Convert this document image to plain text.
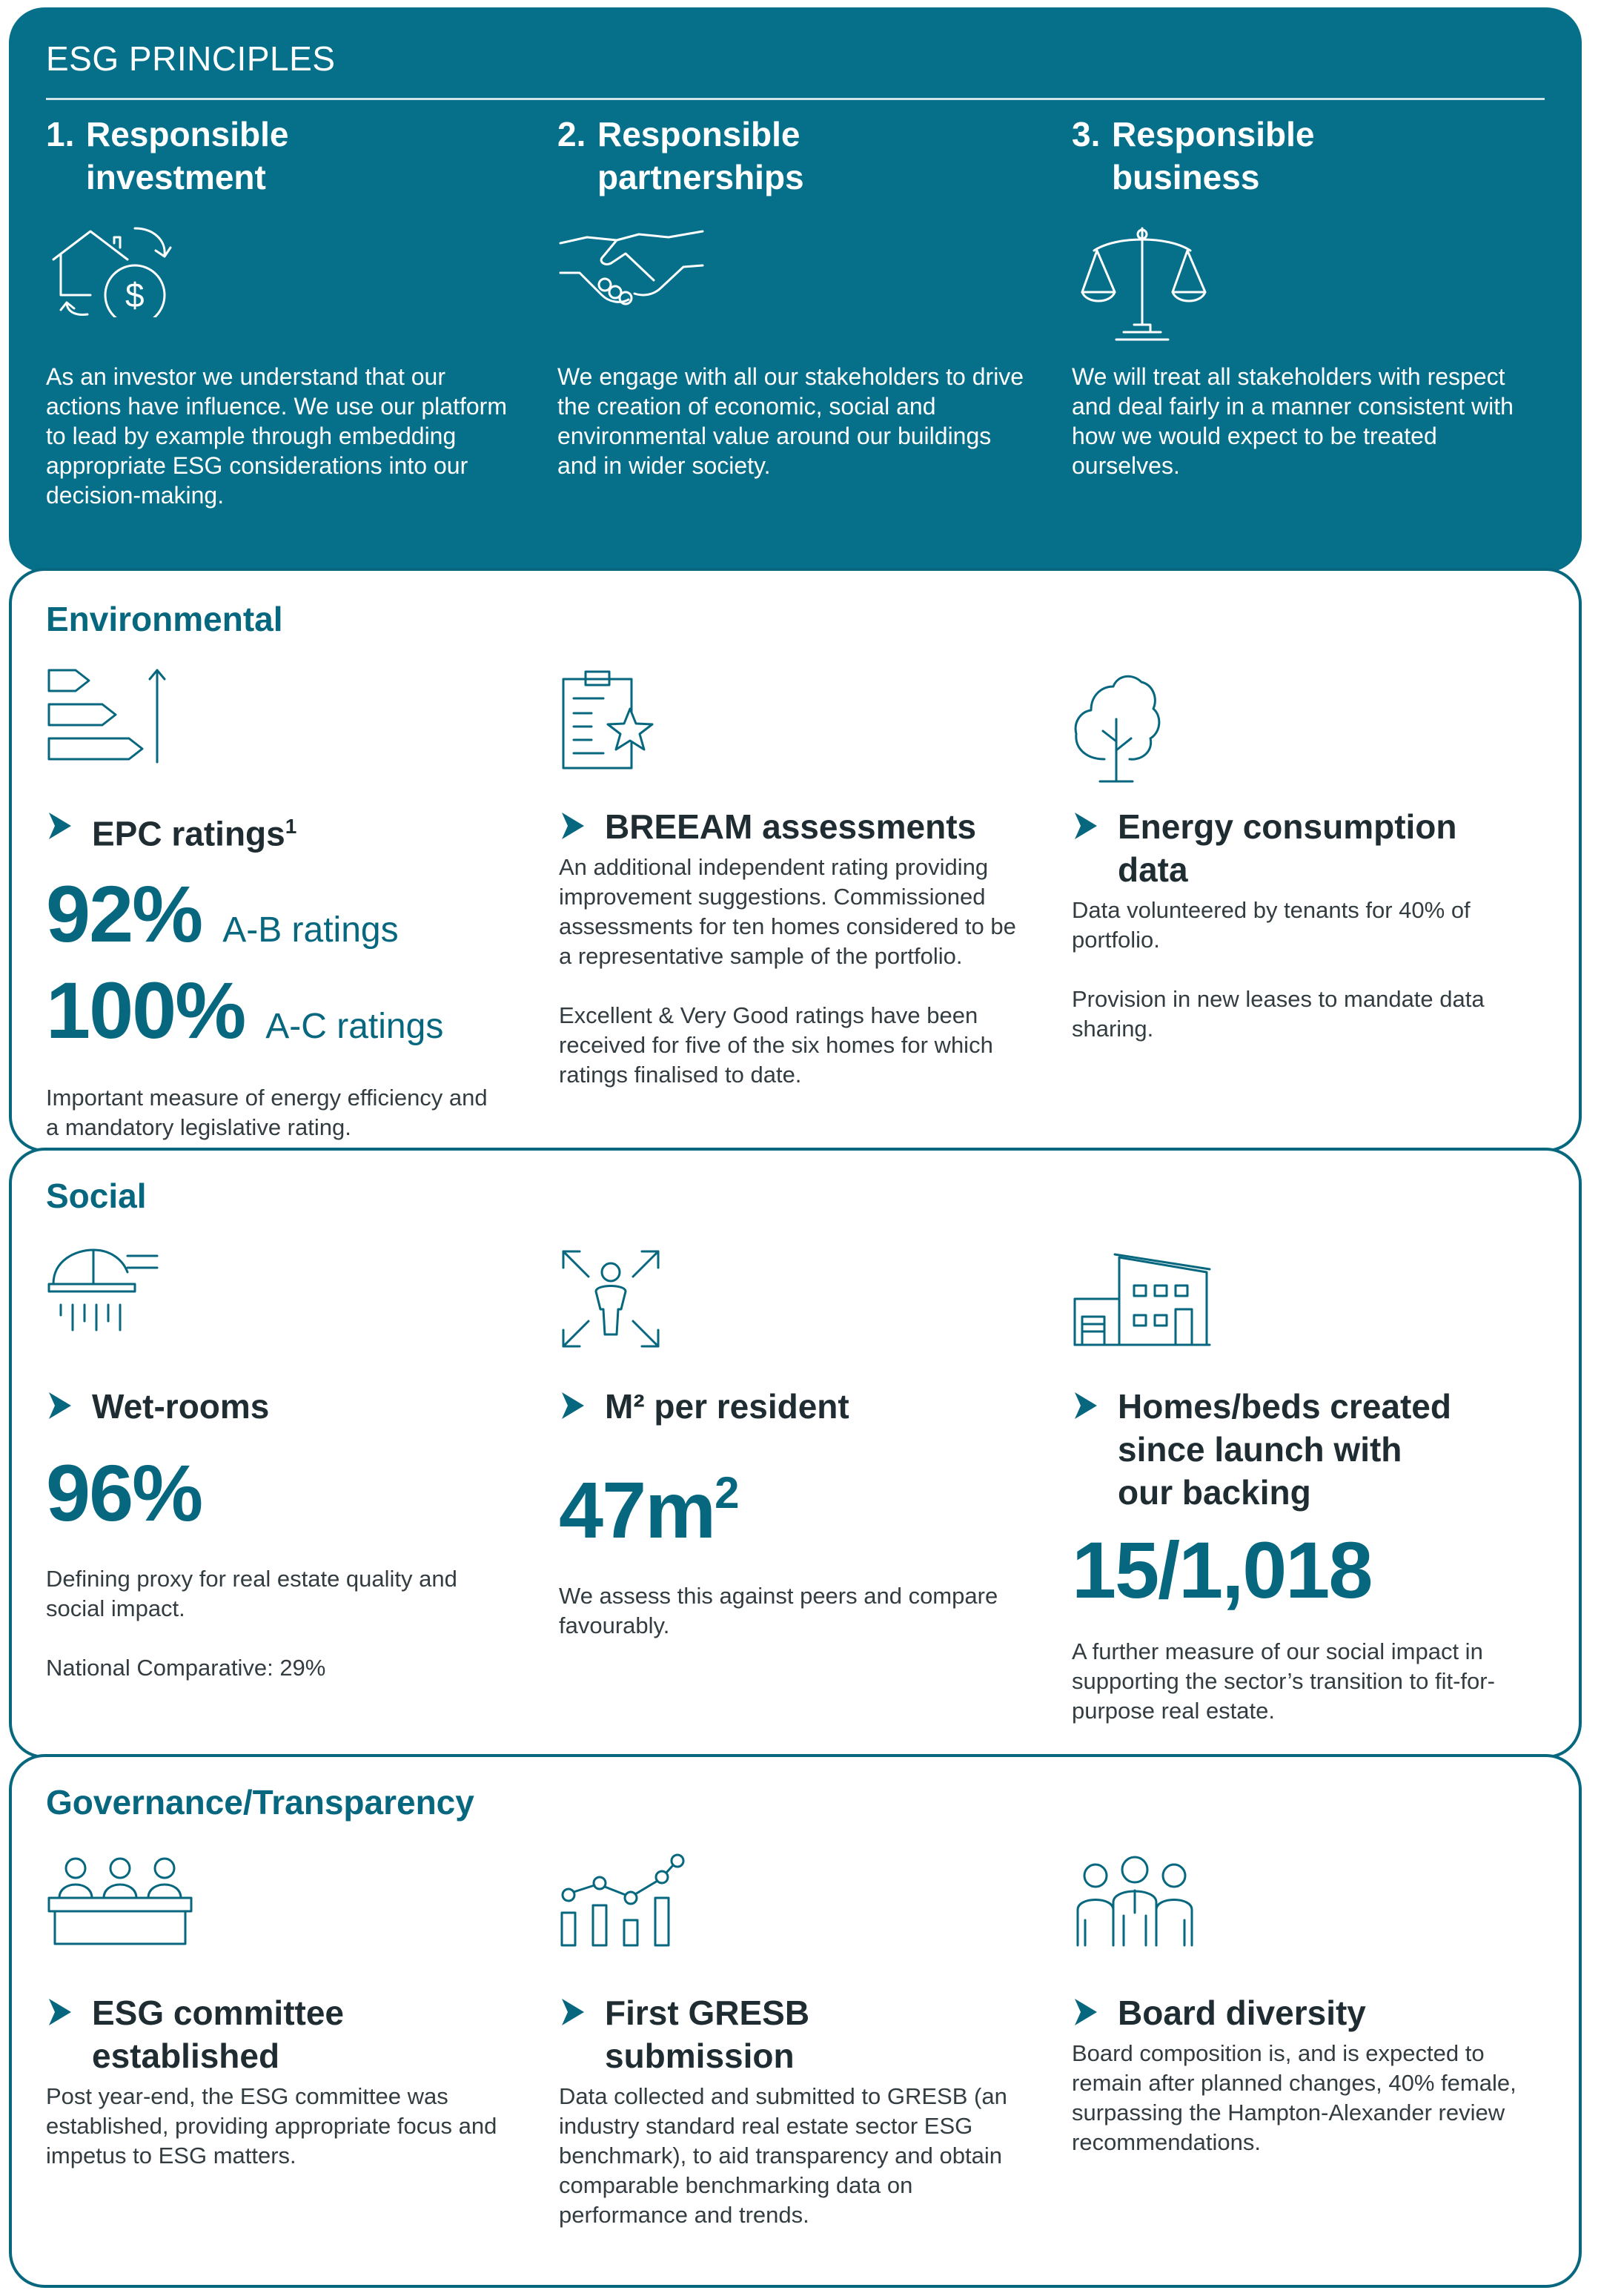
ESG PRINCIPLES
1. Responsible
investment
$
As an investor we understand that our actions have influence. We use our platform to lead by example through embedding appropriate ESG considerations into our decision-making.
2. Responsible
partnerships
We engage with all our stakeholders to drive the creation of economic, social and environmental value around our buildings and in wider society.
3. Responsible
business
We will treat all stakeholders with respect and deal fairly in a manner consistent with how we would expect to be treated ourselves.
Environmental
EPC ratings$^1$
92% A-B ratings
100% A-C ratings
Important measure of energy efficiency and a mandatory legislative rating.
BREEAM assessments
An additional independent rating providing improvement suggestions. Commissioned assessments for ten homes considered to be a representative sample of the portfolio.
Excellent & Very Good ratings have been received for five of the six homes for which ratings finalised to date.
Energy consumption
data
Data volunteered by tenants for 40% of portfolio.
Provision in new leases to mandate data sharing.
Social
Wet-rooms
96%
Defining proxy for real estate quality and social impact.
National Comparative: 29%
M² per resident
$47m^2$
We assess this against peers and compare favourably.
Homes/beds created
since launch with
our backing
15/1,018
A further measure of our social impact in supporting the sector’s transition to fit-for-purpose real estate.
Governance/Transparency
ESG committee
established
Post year-end, the ESG committee was established, providing appropriate focus and impetus to ESG matters.
First GRESB
submission
Data collected and submitted to GRESB (an industry standard real estate sector ESG benchmark), to aid transparency and obtain comparable benchmarking data on performance and trends.
Board diversity
Board composition is, and is expected to remain after planned changes, 40% female, surpassing the Hampton-Alexander review recommendations.
